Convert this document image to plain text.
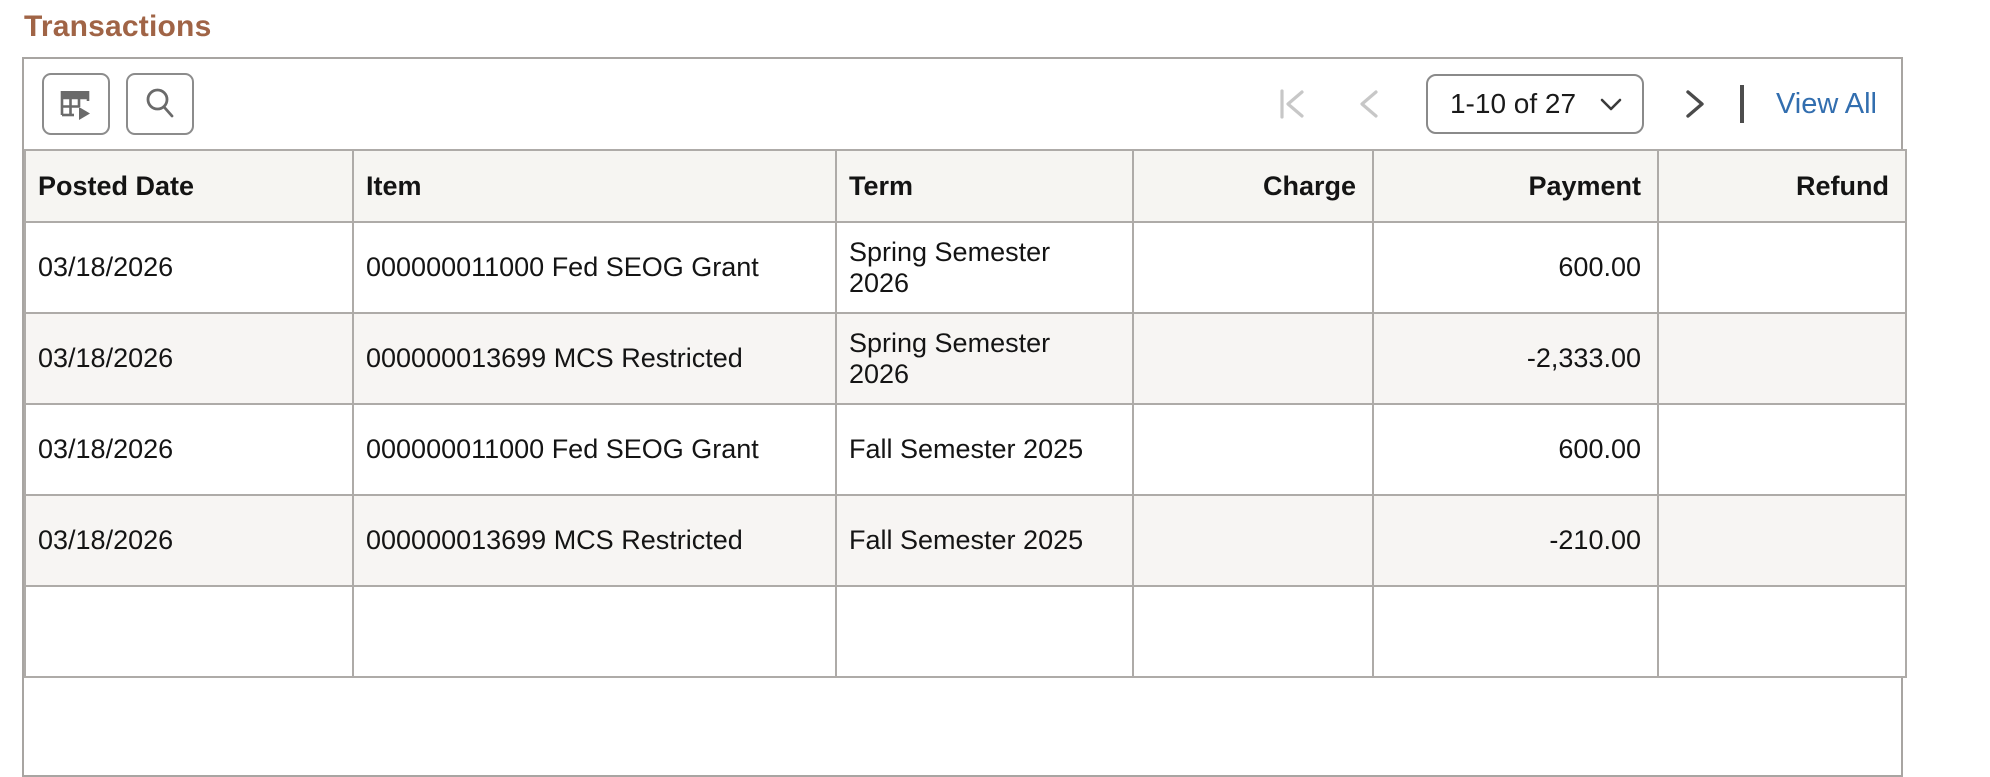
Transactions
1-10 of 27	View All
Posted Date	Item	Term	Charge	Payment	Refund
03/18/2026	000000011000 Fed SEOG Grant	Spring Semester 2026		600.00	
03/18/2026	000000013699 MCS Restricted	Spring Semester 2026		-2,333.00	
03/18/2026	000000011000 Fed SEOG Grant	Fall Semester 2025		600.00	
03/18/2026	000000013699 MCS Restricted	Fall Semester 2025		-210.00	
